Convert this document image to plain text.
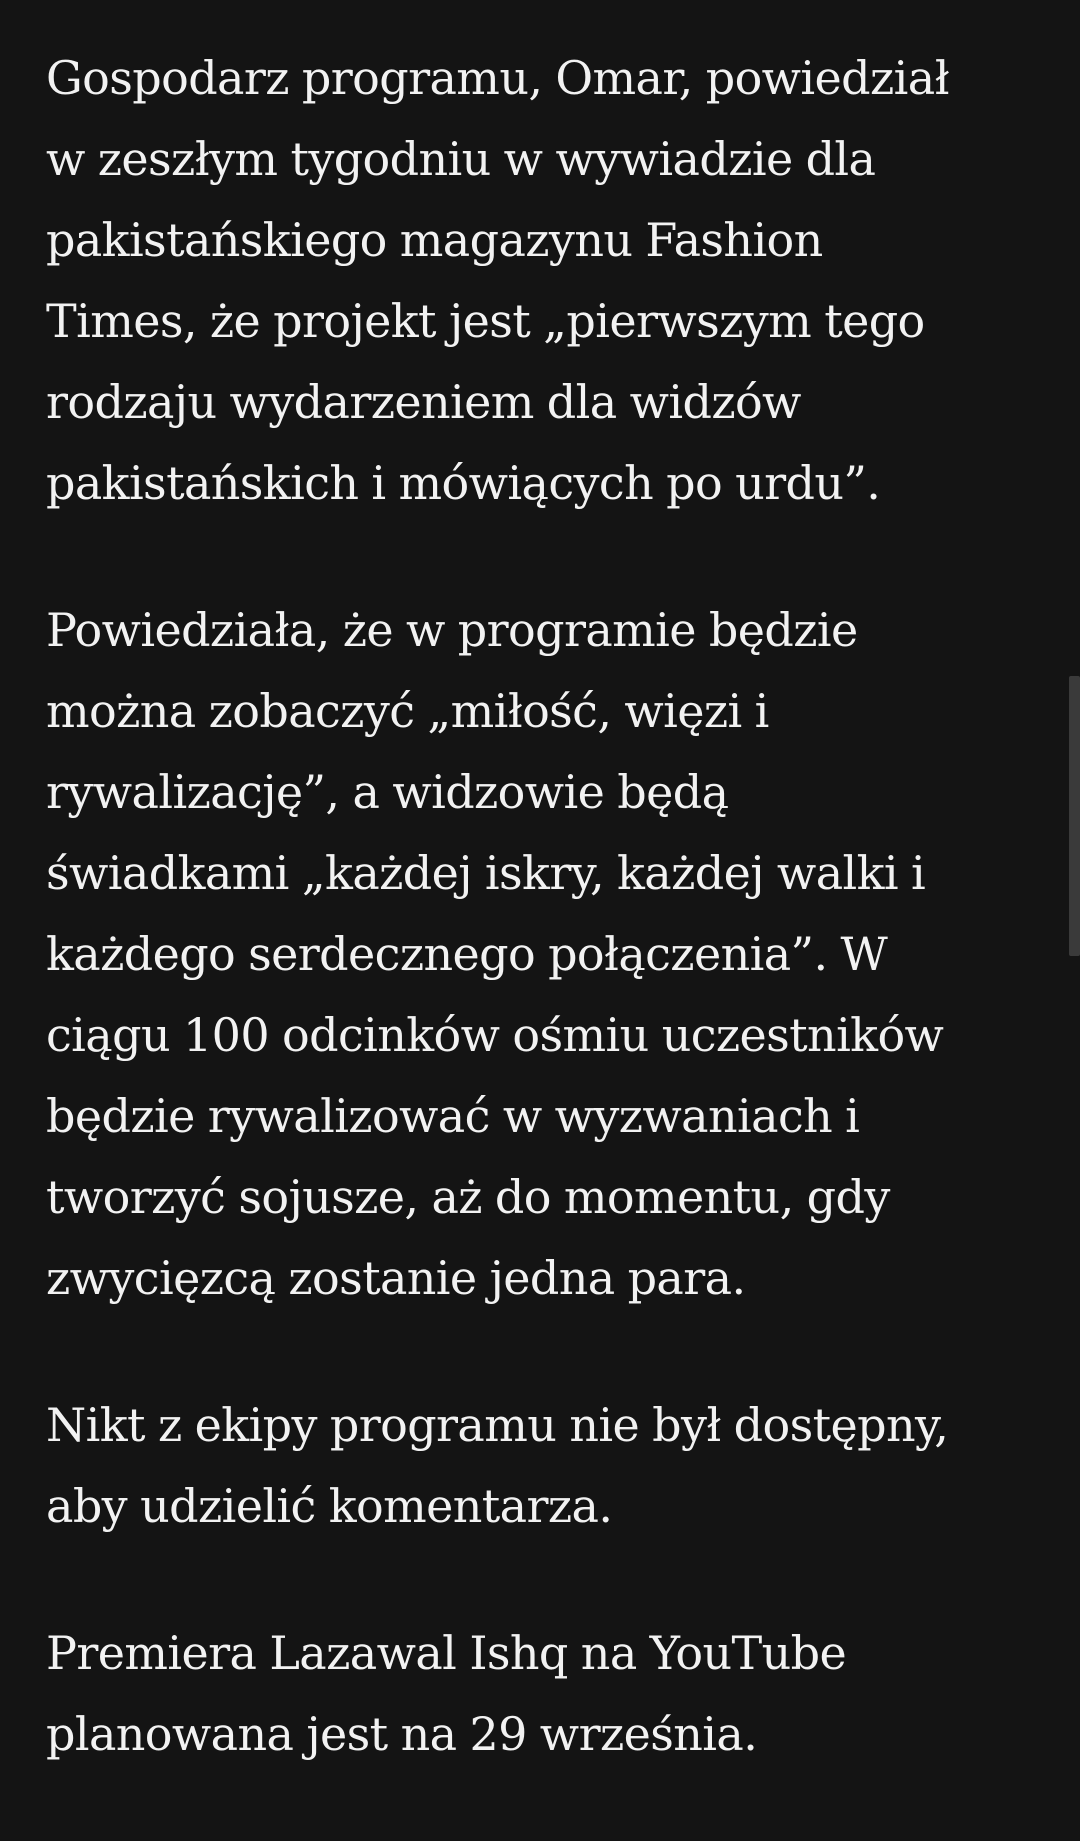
Gospodarz programu, Omar, powiedział
w zeszłym tygodniu w wywiadzie dla
pakistańskiego magazynu Fashion
Times, że projekt jest „pierwszym tego
rodzaju wydarzeniem dla widzów
pakistańskich i mówiących po urdu”.

Powiedziała, że w programie będzie
można zobaczyć „miłość, więzi i
rywalizację”, a widzowie będą
świadkami „każdej iskry, każdej walki i
każdego serdecznego połączenia”. W
ciągu 100 odcinków ośmiu uczestników
będzie rywalizować w wyzwaniach i
tworzyć sojusze, aż do momentu, gdy
zwycięzcą zostanie jedna para.

Nikt z ekipy programu nie był dostępny,
aby udzielić komentarza.

Premiera Lazawal Ishq na YouTube
planowana jest na 29 września.
